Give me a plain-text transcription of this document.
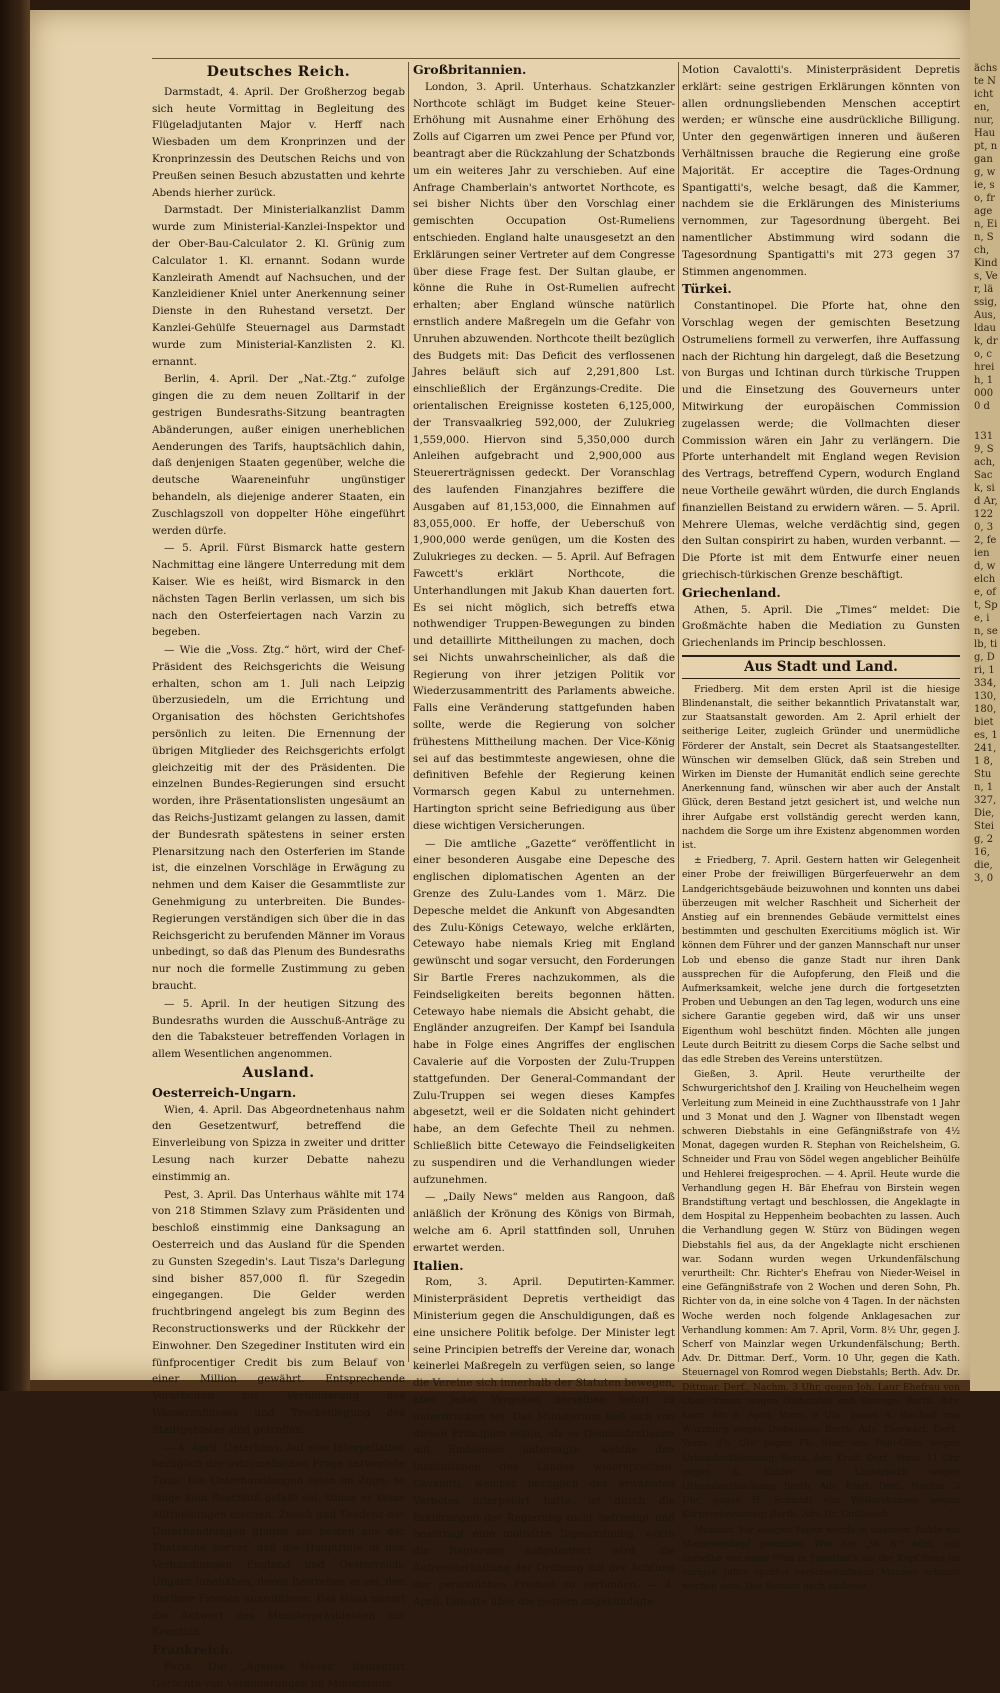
ächste Nichten, nur, Haupt, ngang, wie, so, fragen, Ein, Sch, Kinds, Ver, lässig, Aus, ldauk, dro, chreih, 10000 d
1319, Sach, Sack, sid Ar, 1220, 3 2, feiend, welche, oft, Spe, in, selb, tig, Dri, 1334, 130, 180, bietes, 1241, 1 8, Stun, 1327, Die, Steig, 216, die, 3, 0
Deutsches Reich.

Darmstadt, 4. April. Der Großherzog begab sich heute Vormittag in Begleitung des Flügeladjutanten Major v. Herff nach Wiesbaden um dem Kronprinzen und der Kronprinzessin des Deutschen Reichs und von Preußen seinen Besuch abzustatten und kehrte Abends hierher zurück.

Darmstadt. Der Ministerialkanzlist Damm wurde zum Ministerial-Kanzlei-Inspektor und der Ober-Bau-Calculator 2. Kl. Grünig zum Calculator 1. Kl. ernannt. Sodann wurde Kanzleirath Amendt auf Nachsuchen, und der Kanzleidiener Kniel unter Anerkennung seiner Dienste in den Ruhestand versetzt. Der Kanzlei-Gehülfe Steuernagel aus Darmstadt wurde zum Ministerial-Kanzlisten 2. Kl. ernannt.

Berlin, 4. April. Der „Nat.-Ztg.“ zufolge gingen die zu dem neuen Zolltarif in der gestrigen Bundesraths-Sitzung beantragten Abänderungen, außer einigen unerheblichen Aenderungen des Tarifs, hauptsächlich dahin, daß denjenigen Staaten gegenüber, welche die deutsche Waareneinfuhr ungünstiger behandeln, als diejenige anderer Staaten, ein Zuschlagszoll von doppelter Höhe eingeführt werden dürfe.

— 5. April. Fürst Bismarck hatte gestern Nachmittag eine längere Unterredung mit dem Kaiser. Wie es heißt, wird Bismarck in den nächsten Tagen Berlin verlassen, um sich bis nach den Osterfeiertagen nach Varzin zu begeben.

— Wie die „Voss. Ztg.“ hört, wird der Chef-Präsident des Reichsgerichts die Weisung erhalten, schon am 1. Juli nach Leipzig überzusiedeln, um die Errichtung und Organisation des höchsten Gerichtshofes persönlich zu leiten. Die Ernennung der übrigen Mitglieder des Reichsgerichts erfolgt gleichzeitig mit der des Präsidenten. Die einzelnen Bundes-Regierungen sind ersucht worden, ihre Präsentationslisten ungesäumt an das Reichs-Justizamt gelangen zu lassen, damit der Bundesrath spätestens in seiner ersten Plenarsitzung nach den Osterferien im Stande ist, die einzelnen Vorschläge in Erwägung zu nehmen und dem Kaiser die Gesammtliste zur Genehmigung zu unterbreiten. Die Bundes-Regierungen verständigen sich über die in das Reichsgericht zu berufenden Männer im Voraus unbedingt, so daß das Plenum des Bundesraths nur noch die formelle Zustimmung zu geben braucht.

— 5. April. In der heutigen Sitzung des Bundesraths wurden die Ausschuß-Anträge zu den die Tabaksteuer betreffenden Vorlagen in allem Wesentlichen angenommen.

Ausland.
Oesterreich-Ungarn.

Wien, 4. April. Das Abgeordnetenhaus nahm den Gesetzentwurf, betreffend die Einverleibung von Spizza in zweiter und dritter Lesung nach kurzer Debatte nahezu einstimmig an.

Pest, 3. April. Das Unterhaus wählte mit 174 von 218 Stimmen Szlavy zum Präsidenten und beschloß einstimmig eine Danksagung an Oesterreich und das Ausland für die Spenden zu Gunsten Szegedin's. Laut Tisza's Darlegung sind bisher 857,000 fl. für Szegedin eingegangen. Die Gelder werden fruchtbringend angelegt bis zum Beginn des Reconstructionswerks und der Rückkehr der Einwohner. Den Szegediner Instituten wird ein fünfprocentiger Credit bis zum Belauf von einer Million gewährt. Entsprechende Vorarbeiten zur Verhinderung des Wasserzuflusses und Trockenlegung des Stadtgebietes sind getroffen.

— 4. April. Unterhaus. Auf eine Interpellation bezüglich der ostrumelischen Frage antwortete Tisza: Die Unterhandlungen seien im Zuge; so lange kein Beschluß gefaßt sei, könne er keine Mittheilungen machen. Zweck und Tendenz der Unterhandlungen gingen am besten aus der Thatsache hervor, daß die Hauptrolle in den Verhandlungen England und Oesterreich-Ungarn innehaben, deren Bestreben es sei, den Berliner Frieden auszuführen. Das Haus nimmt die Antwort des Ministerpräsidenten zur Kenntniß.

Frankreich.

Paris. Die „Agence Havas“ dementirt Gerüchte von Veränderungen im Ministerium.

Großbritannien.

London, 3. April. Unterhaus. Schatzkanzler Northcote schlägt im Budget keine Steuer-Erhöhung mit Ausnahme einer Erhöhung des Zolls auf Cigarren um zwei Pence per Pfund vor, beantragt aber die Rückzahlung der Schatzbonds um ein weiteres Jahr zu verschieben. Auf eine Anfrage Chamberlain's antwortet Northcote, es sei bisher Nichts über den Vorschlag einer gemischten Occupation Ost-Rumeliens entschieden. England halte unausgesetzt an den Erklärungen seiner Vertreter auf dem Congresse über diese Frage fest. Der Sultan glaube, er könne die Ruhe in Ost-Rumelien aufrecht erhalten; aber England wünsche natürlich ernstlich andere Maßregeln um die Gefahr von Unruhen abzuwenden. Northcote theilt bezüglich des Budgets mit: Das Deficit des verflossenen Jahres beläuft sich auf 2,291,800 Lst. einschließlich der Ergänzungs-Credite. Die orientalischen Ereignisse kosteten 6,125,000, der Transvaalkrieg 592,000, der Zulukrieg 1,559,000. Hiervon sind 5,350,000 durch Anleihen aufgebracht und 2,900,000 aus Steuererträgnissen gedeckt. Der Voranschlag des laufenden Finanzjahres beziffere die Ausgaben auf 81,153,000, die Einnahmen auf 83,055,000. Er hoffe, der Ueberschuß von 1,900,000 werde genügen, um die Kosten des Zulukrieges zu decken. — 5. April. Auf Befragen Fawcett's erklärt Northcote, die Unterhandlungen mit Jakub Khan dauerten fort. Es sei nicht möglich, sich betreffs etwa nothwendiger Truppen-Bewegungen zu binden und detaillirte Mittheilungen zu machen, doch sei Nichts unwahrscheinlicher, als daß die Regierung von ihrer jetzigen Politik vor Wiederzusammentritt des Parlaments abweiche. Falls eine Veränderung stattgefunden haben sollte, werde die Regierung von solcher frühestens Mittheilung machen. Der Vice-König sei auf das bestimmteste angewiesen, ohne die definitiven Befehle der Regierung keinen Vormarsch gegen Kabul zu unternehmen. Hartington spricht seine Befriedigung aus über diese wichtigen Versicherungen.

— Die amtliche „Gazette“ veröffentlicht in einer besonderen Ausgabe eine Depesche des englischen diplomatischen Agenten an der Grenze des Zulu-Landes vom 1. März. Die Depesche meldet die Ankunft von Abgesandten des Zulu-Königs Cetewayo, welche erklärten, Cetewayo habe niemals Krieg mit England gewünscht und sogar versucht, den Forderungen Sir Bartle Freres nachzukommen, als die Feindseligkeiten bereits begonnen hätten. Cetewayo habe niemals die Absicht gehabt, die Engländer anzugreifen. Der Kampf bei Isandula habe in Folge eines Angriffes der englischen Cavalerie auf die Vorposten der Zulu-Truppen stattgefunden. Der General-Commandant der Zulu-Truppen sei wegen dieses Kampfes abgesetzt, weil er die Soldaten nicht gehindert habe, an dem Gefechte Theil zu nehmen. Schließlich bitte Cetewayo die Feindseligkeiten zu suspendiren und die Verhandlungen wieder aufzunehmen.

— „Daily News“ melden aus Rangoon, daß anläßlich der Krönung des Königs von Birmah, welche am 6. April stattfinden soll, Unruhen erwartet werden.

Italien.

Rom, 3. April. Deputirten-Kammer. Ministerpräsident Depretis vertheidigt das Ministerium gegen die Anschuldigungen, daß es eine unsichere Politik befolge. Der Minister legt seine Principien betreffs der Vereine dar, wonach keinerlei Maßregeln zu verfügen seien, so lange die Vereine sich innerhalb der Statuten bewegen, aber jedes Vergehen derselben sofort zu unterdrücken sei. Das Ministerium ließ sich von diesen Principien leiten, als es Demonstrationen mit Emblemen untersagte, welche den Institutionen des Landes widersprechen. Cavalotti, welcher bezüglich des erwähnten Verbotes interpellirt hatte, ist durch die Erklärungen der Regierung nicht befriedigt und beantragt eine motivirte Tagesordnung, worin die Regierung aufgefordert wird, die Aufrechterhaltung der Ordnung mit der Achtung der persönlichen Freiheit zu verbinden. — 4. April. Debatte über die gestern angekündigte

Motion Cavalotti's. Ministerpräsident Depretis erklärt: seine gestrigen Erklärungen könnten von allen ordnungsliebenden Menschen acceptirt werden; er wünsche eine ausdrückliche Billigung. Unter den gegenwärtigen inneren und äußeren Verhältnissen brauche die Regierung eine große Majorität. Er acceptire die Tages-Ordnung Spantigatti's, welche besagt, daß die Kammer, nachdem sie die Erklärungen des Ministeriums vernommen, zur Tagesordnung übergeht. Bei namentlicher Abstimmung wird sodann die Tagesordnung Spantigatti's mit 273 gegen 37 Stimmen angenommen.

Türkei.

Constantinopel. Die Pforte hat, ohne den Vorschlag wegen der gemischten Besetzung Ostrumeliens formell zu verwerfen, ihre Auffassung nach der Richtung hin dargelegt, daß die Besetzung von Burgas und Ichtinan durch türkische Truppen und die Einsetzung des Gouverneurs unter Mitwirkung der europäischen Commission zugelassen werde; die Vollmachten dieser Commission wären ein Jahr zu verlängern. Die Pforte unterhandelt mit England wegen Revision des Vertrags, betreffend Cypern, wodurch England neue Vortheile gewährt würden, die durch Englands finanziellen Beistand zu erwidern wären. — 5. April. Mehrere Ulemas, welche verdächtig sind, gegen den Sultan conspirirt zu haben, wurden verbannt. — Die Pforte ist mit dem Entwurfe einer neuen griechisch-türkischen Grenze beschäftigt.

Griechenland.

Athen, 5. April. Die „Times“ meldet: Die Großmächte haben die Mediation zu Gunsten Griechenlands im Princip beschlossen.

Aus Stadt und Land.

Friedberg. Mit dem ersten April ist die hiesige Blindenanstalt, die seither bekanntlich Privatanstalt war, zur Staatsanstalt geworden. Am 2. April erhielt der seitherige Leiter, zugleich Gründer und unermüdliche Förderer der Anstalt, sein Decret als Staatsangestellter. Wünschen wir demselben Glück, daß sein Streben und Wirken im Dienste der Humanität endlich seine gerechte Anerkennung fand, wünschen wir aber auch der Anstalt Glück, deren Bestand jetzt gesichert ist, und welche nun ihrer Aufgabe erst vollständig gerecht werden kann, nachdem die Sorge um ihre Existenz abgenommen worden ist.

± Friedberg, 7. April. Gestern hatten wir Gelegenheit einer Probe der freiwilligen Bürgerfeuerwehr an dem Landgerichtsgebäude beizuwohnen und konnten uns dabei überzeugen mit welcher Raschheit und Sicherheit der Anstieg auf ein brennendes Gebäude vermittelst eines bestimmten und geschulten Exercitiums möglich ist. Wir können dem Führer und der ganzen Mannschaft nur unser Lob und ebenso die ganze Stadt nur ihren Dank aussprechen für die Aufopferung, den Fleiß und die Aufmerksamkeit, welche jene durch die fortgesetzten Proben und Uebungen an den Tag legen, wodurch uns eine sichere Garantie gegeben wird, daß wir uns unser Eigenthum wohl beschützt finden. Möchten alle jungen Leute durch Beitritt zu diesem Corps die Sache selbst und das edle Streben des Vereins unterstützen.

Gießen, 3. April. Heute verurtheilte der Schwurgerichtshof den J. Krailing von Heuchelheim wegen Verleitung zum Meineid in eine Zuchthausstrafe von 1 Jahr und 3 Monat und den J. Wagner von Ilbenstadt wegen schweren Diebstahls in eine Gefängnißstrafe von 4½ Monat, dagegen wurden R. Stephan von Reichelsheim, G. Schneider und Frau von Södel wegen angeblicher Beihülfe und Hehlerei freigesprochen. — 4. April. Heute wurde die Verhandlung gegen H. Bär Ehefrau von Birstein wegen Brandstiftung vertagt und beschlossen, die Angeklagte in dem Hospital zu Heppenheim beobachten zu lassen. Auch die Verhandlung gegen W. Stürz von Büdingen wegen Diebstahls fiel aus, da der Angeklagte nicht erschienen war. Sodann wurden wegen Urkundenfälschung verurtheilt: Chr. Richter's Ehefrau von Nieder-Weisel in eine Gefängnißstrafe von 2 Wochen und deren Sohn, Ph. Richter von da, in eine solche von 4 Tagen. In der nächsten Woche werden noch folgende Anklagesachen zur Verhandlung kommen: Am 7. April, Vorm. 8½ Uhr, gegen J. Scherf von Mainzlar wegen Urkundenfälschung; Berth. Adv. Dr. Dittmar. Derf., Vorm. 10 Uhr, gegen die Kath. Steuernagel von Romrod wegen Diebstahls; Berth. Adv. Dr. Dittmar. Derf., Nachm. 3 Uhr, gegen Joh. Laur Ehefrau von Ober-Ohmen wegen Diebstahls und Betrugs; Berth. Adv. Laur. Am 8. April, Vorm. 8 Uhr, gegen A. Bischoff von Würzburg wegen Diebstahls; Berth. Adv. Thorwart. Derf., Vorm. 9½ Uhr gegen Ph. Stier von Pohl-Göns wegen Urkundenfälschung; Berth. Adv. Kraft. Derf., Vorm. 11 Uhr gegen K. Köhler von Lauterbach wegen Urkundenfälschung; Berth. Adv. Kraft. Derf., Nachm. 3 Uhr, gegen H. Schmidt von Wellershausen wegen Körperverletzung; Berth. Adv. Dr. Gutfleisch.

Münster. Vor einigen Tagen wurde in unserem Walde ein Menschenkopf gefunden. Wie der „W. B.“ hört, soll derselbe von einer Frau in Fauerbach als der Kopf ihres im vorigen Jahre spurlos verschwundenen Mannes erkannt worden sein. Das Suchen nach anderen
